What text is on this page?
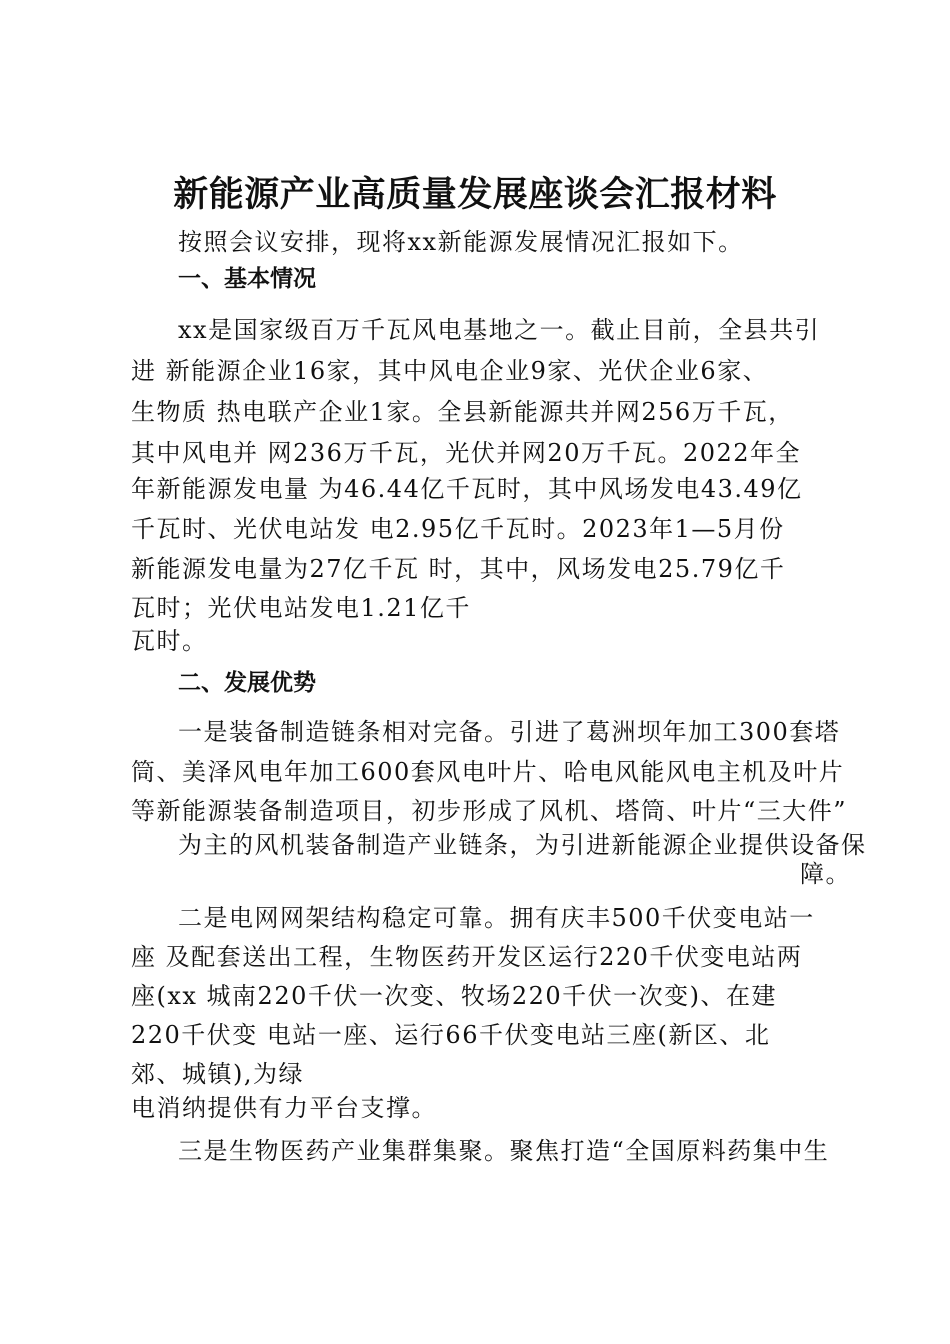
新能源产业高质量发展座谈会汇报材料
按照会议安排，现将xx新能源发展情况汇报如下。
一、基本情况
xx是国家级百万千瓦风电基地之一。截止目前，全县共引
进 新能源企业16家，其中风电企业9家、光伏企业6家、
生物质 热电联产企业1家。全县新能源共并网256万千瓦，
其中风电并 网236万千瓦，光伏并网20万千瓦。2022年全
年新能源发电量 为46.44亿千瓦时，其中风场发电43.49亿
千瓦时、光伏电站发 电2.95亿千瓦时。2023年1—5月份
新能源发电量为27亿千瓦 时，其中，风场发电25.79亿千
瓦时；光伏电站发电1.21亿千
瓦时。
二、发展优势
一是装备制造链条相对完备。引进了葛洲坝年加工300套塔
筒、美泽风电年加工600套风电叶片、哈电风能风电主机及叶片
等新能源装备制造项目，初步形成了风机、塔筒、叶片“三大件”
为主的风机装备制造产业链条，为引进新能源企业提供设备保
障。
二是电网网架结构稳定可靠。拥有庆丰500千伏变电站一
座 及配套送出工程，生物医药开发区运行220千伏变电站两
座(xx 城南220千伏一次变、牧场220千伏一次变)、在建
220千伏变 电站一座、运行66千伏变电站三座(新区、北
郊、城镇),为绿
电消纳提供有力平台支撑。
三是生物医药产业集群集聚。聚焦打造“全国原料药集中生
